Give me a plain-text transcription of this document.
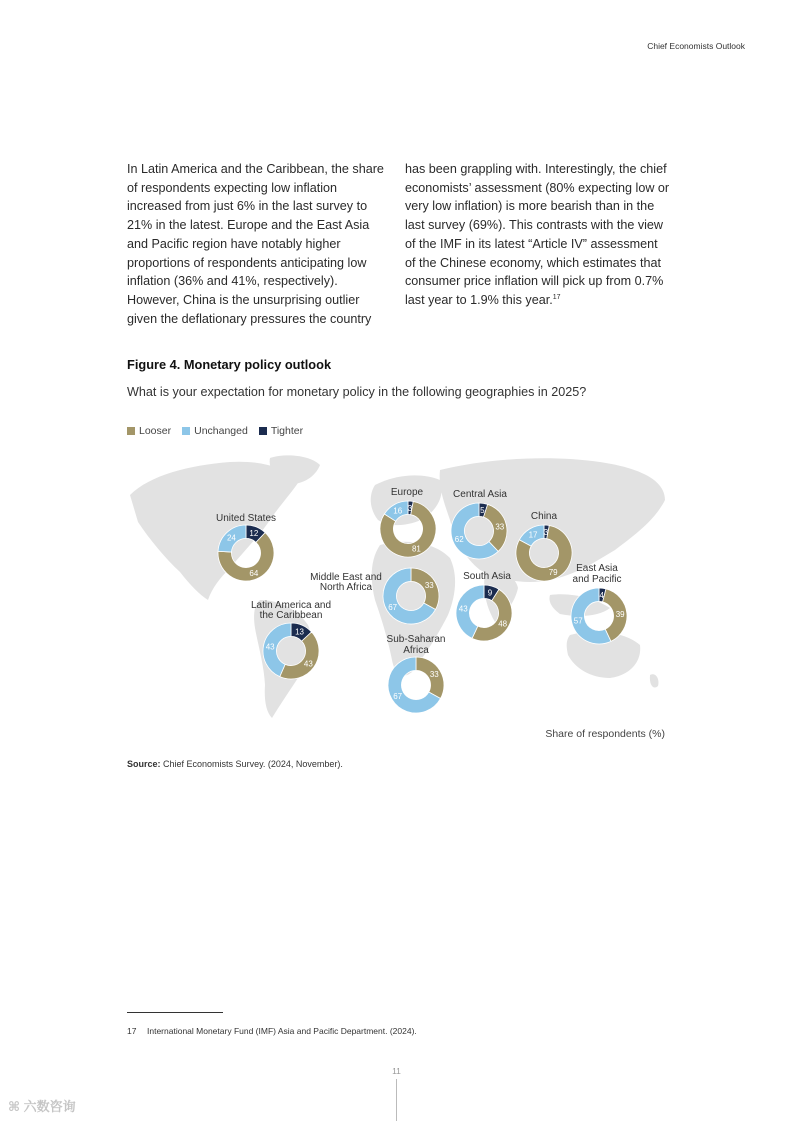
Chief Economists Outlook
In Latin America and the Caribbean, the share of respondents expecting low inflation increased from just 6% in the last survey to 21% in the latest. Europe and the East Asia and Pacific region have notably higher proportions of respondents anticipating low inflation (36% and 41%, respectively). However, China is the unsurprising outlier given the deflationary pressures the country
has been grappling with. Interestingly, the chief economists’ assessment (80% expecting low or very low inflation) is more bearish than in the last survey (69%). This contrasts with the view of the IMF in its latest “Article IV” assessment of the Chinese economy, which estimates that consumer price inflation will pick up from 0.7% last year to 1.9% this year.$^{17}$
Figure 4. Monetary policy outlook
What is your expectation for monetary policy in the following geographies in 2025?
Looser Unchanged Tighter
12
64
24
3
81
16	5
33
62
3
79
17
33
67
9
48
43
4
39
57
13
43
43
33
67
United States
Europe	Central Asia
China
Middle East and
North Africa
South Asia
East Asia
and Pacific
Latin America and
the Caribbean
Sub-Saharan
Africa
Share of respondents (%)
Source: Chief Economists Survey. (2024, November).
17 International Monetary Fund (IMF) Asia and Pacific Department. (2024).
11
⌘ 六数咨询
